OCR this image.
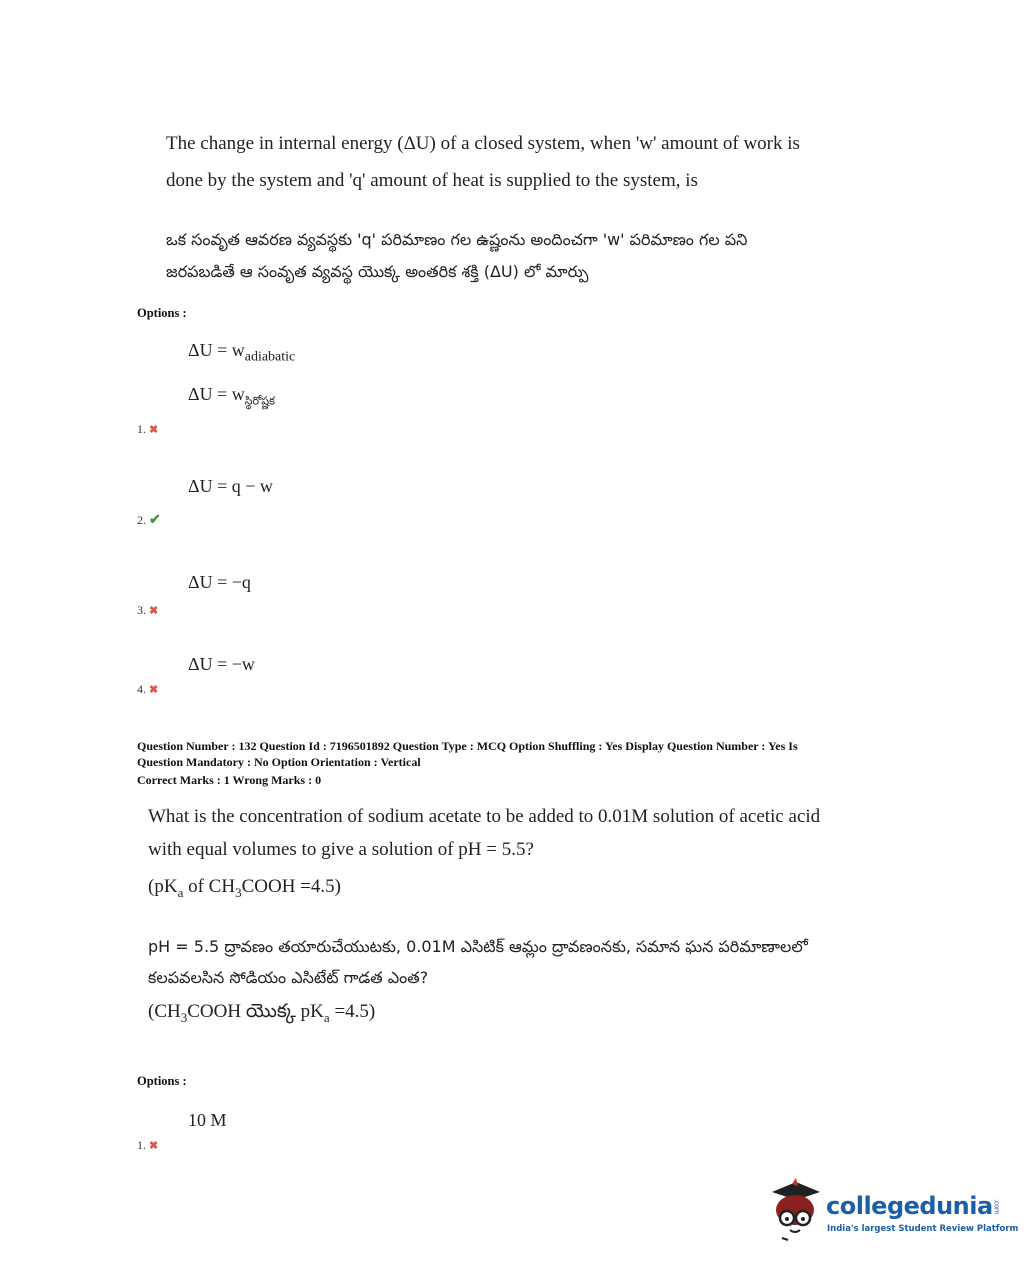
The change in internal energy (ΔU) of a closed system, when 'w' amount of work is
done by the system and 'q' amount of heat is supplied to the system, is
ఒక సంవృత ఆవరణ వ్యవస్థకు 'q' పరిమాణం గల ఉష్ణంను అందించగా 'w' పరిమాణం గల పని
జరపబడితే ఆ సంవృత వ్యవస్థ యొక్క అంతరిక శక్తి (ΔU) లో మార్పు
Options :
$\Delta U = w_{adiabatic}$
$\Delta U = w_{స్థిరోష్ణక}$
1. ✖
ΔU = q − w
2. ✔
ΔU = −q
3. ✖
ΔU = −w
4. ✖
Question Number : 132 Question Id : 7196501892 Question Type : MCQ Option Shuffling : Yes Display Question Number : Yes Is
Question Mandatory : No Option Orientation : Vertical
Correct Marks : 1 Wrong Marks : 0
What is the concentration of sodium acetate to be added to 0.01M solution of acetic acid
with equal volumes to give a solution of pH = 5.5?
($pK_a$ of $CH_3COOH =4.5$)
pH = 5.5 ద్రావణం తయారుచేయుటకు, 0.01M ఎసిటిక్ ఆమ్లం ద్రావణంనకు, సమాన ఘన పరిమాణాలలో
కలపవలసిన సోడియం ఎసిటేట్ గాడత ఎంత?
($CH_3COOH$ యొక్క $pK_a =4.5$)
Options :
10 M
1. ✖
collegedunia.com
India's largest Student Review Platform
